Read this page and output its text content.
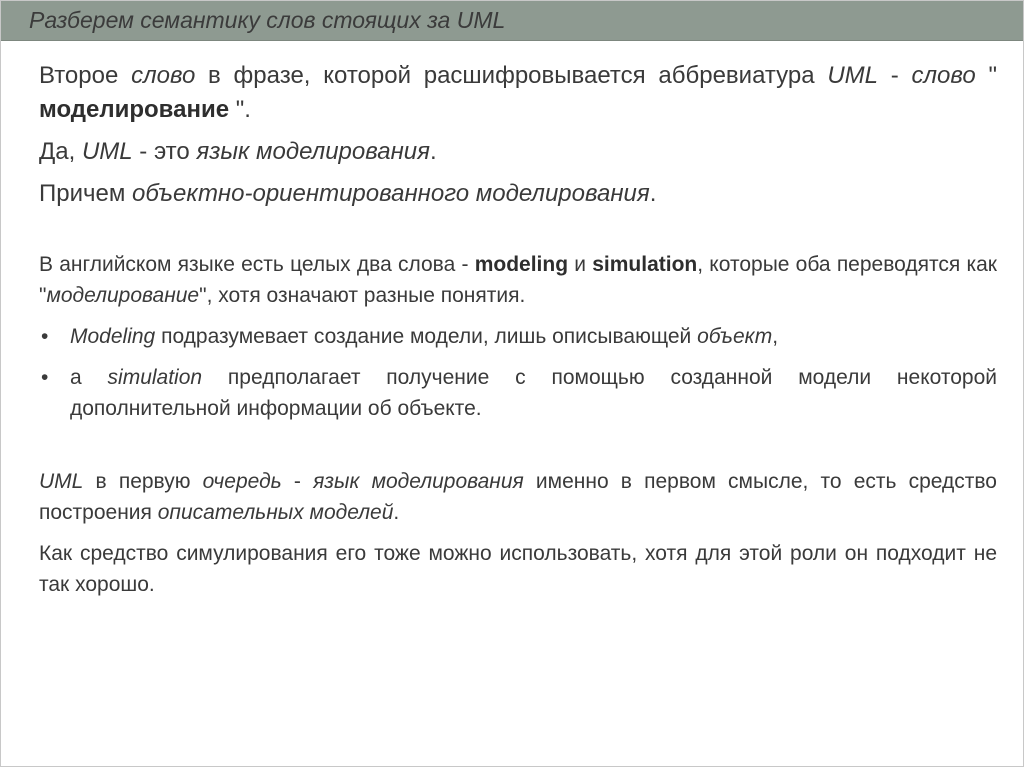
Разберем семантику слов стоящих за UML

Второе слово в фразе, которой расшифровывается аббревиатура UML - слово " моделирование ".

Да, UML - это язык моделирования.

Причем объектно-ориентированного моделирования.

В английском языке есть целых два слова - modeling и simulation, которые оба переводятся как "моделирование", хотя означают разные понятия.

• Modeling подразумевает создание модели, лишь описывающей объект,
• а simulation предполагает получение с помощью созданной модели некоторой дополнительной информации об объекте.

UML в первую очередь - язык моделирования именно в первом смысле, то есть средство построения описательных моделей.

Как средство симулирования его тоже можно использовать, хотя для этой роли он подходит не так хорошо.
